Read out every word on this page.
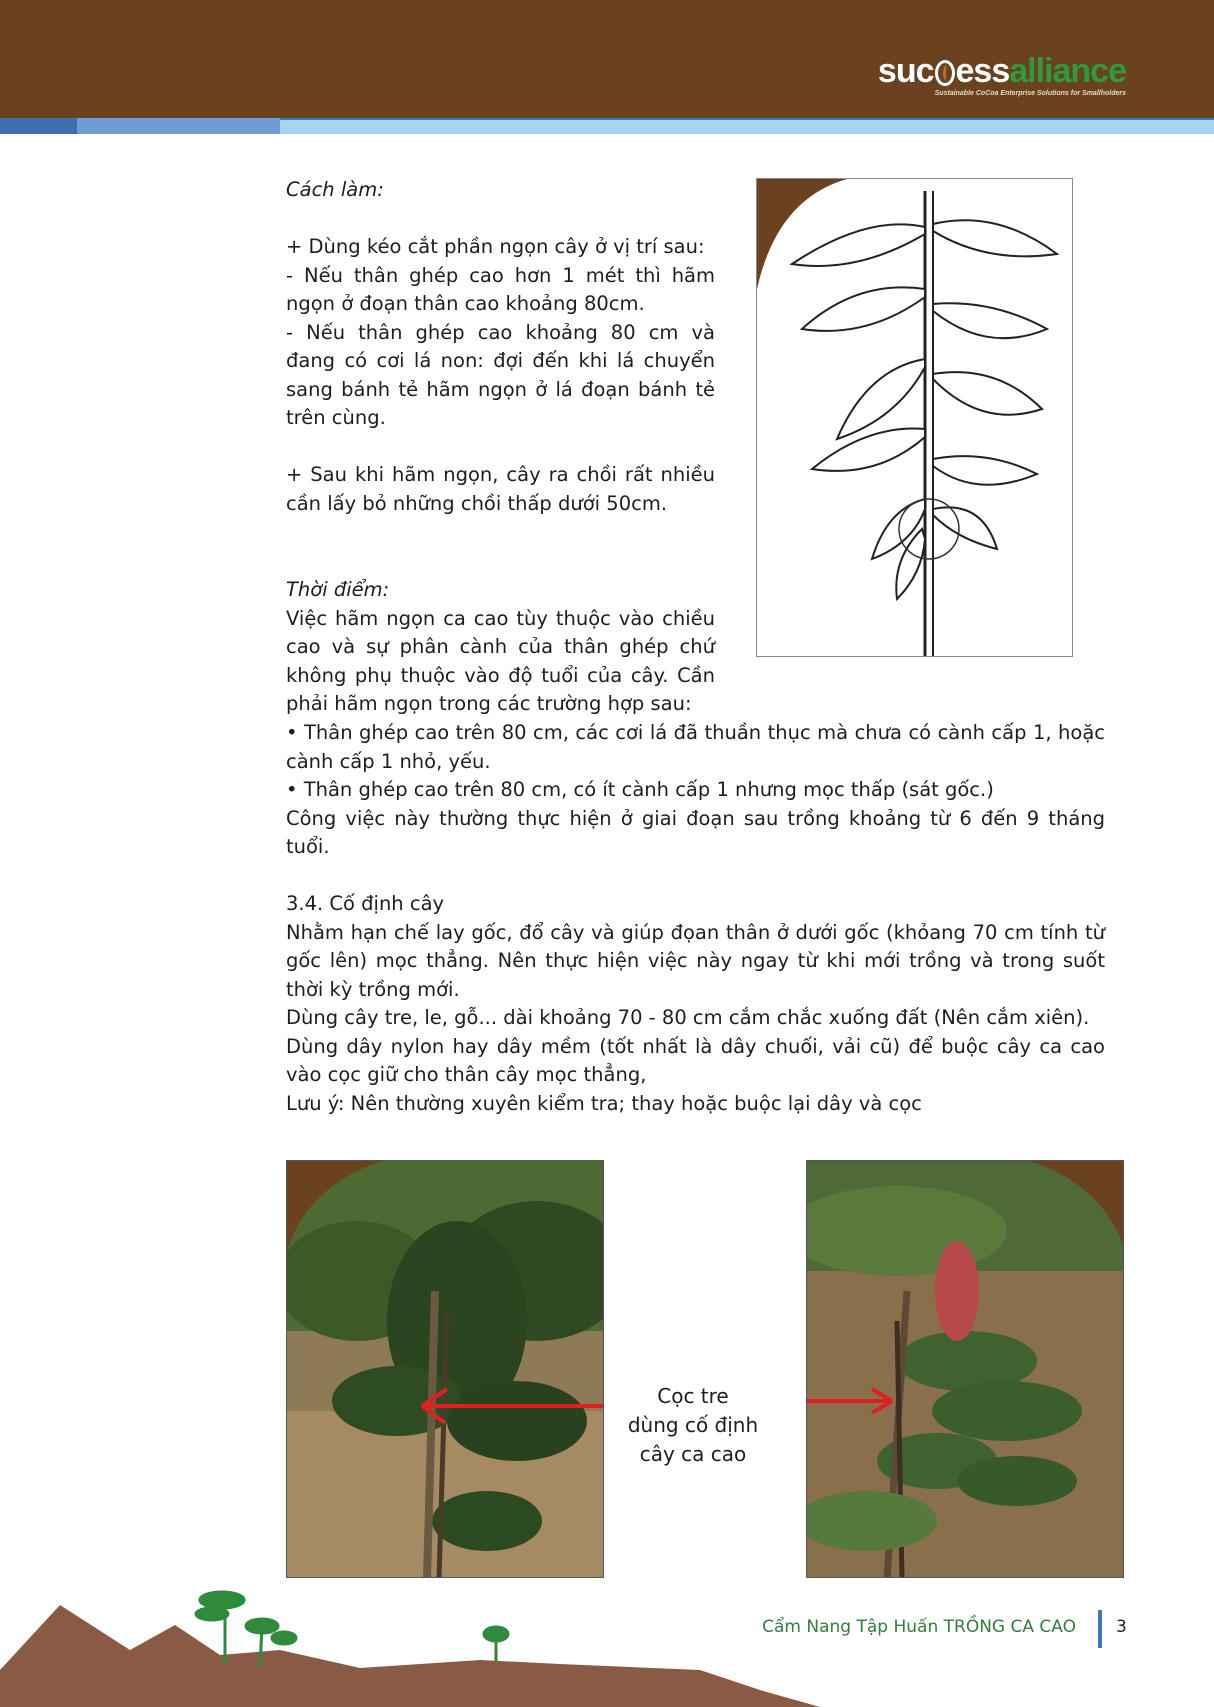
suc essalliance
Sustainable CoCoa Enterprise Solutions for Smallholders

Cách làm:

+ Dùng kéo cắt phần ngọn cây ở vị trí sau:

- Nếu thân ghép cao hơn 1 mét thì hãm ngọn ở đoạn thân cao khoảng 80cm.

- Nếu thân ghép cao khoảng 80 cm và đang có cơi lá non: đợi đến khi lá chuyển sang bánh tẻ hãm ngọn ở lá đoạn bánh tẻ trên cùng.

+ Sau khi hãm ngọn, cây ra chồi rất nhiều cần lấy bỏ những chồi thấp dưới 50cm.

Thời điểm:

Việc hãm ngọn ca cao tùy thuộc vào chiều cao và sự phân cành của thân ghép chứ không phụ thuộc vào độ tuổi của cây. Cần phải hãm ngọn trong các trường hợp sau:

• Thân ghép cao trên 80 cm, các cơi lá đã thuần thục mà chưa có cành cấp 1, hoặc cành cấp 1 nhỏ, yếu.

• Thân ghép cao trên 80 cm, có ít cành cấp 1 nhưng mọc thấp (sát gốc.)

Công việc này thường thực hiện ở giai đoạn sau trồng khoảng từ 6 đến 9 tháng tuổi.

3.4. Cố định cây

Nhằm hạn chế lay gốc, đổ cây và giúp đọan thân ở dưới gốc (khỏang 70 cm tính từ gốc lên) mọc thẳng. Nên thực hiện việc này ngay từ khi mới trồng và trong suốt thời kỳ trồng mới.

Dùng cây tre, le, gỗ... dài khoảng 70 - 80 cm cắm chắc xuống đất (Nên cắm xiên).

Dùng dây nylon hay dây mềm (tốt nhất là dây chuối, vải cũ) để buộc cây ca cao vào cọc giữ cho thân cây mọc thẳng,

Lưu ý: Nên thường xuyên kiểm tra; thay hoặc buộc lại dây và cọc

Cọc tre
dùng cố định
cây ca cao
Cẩm Nang Tập Huấn TRỒNG CA CAO 3
